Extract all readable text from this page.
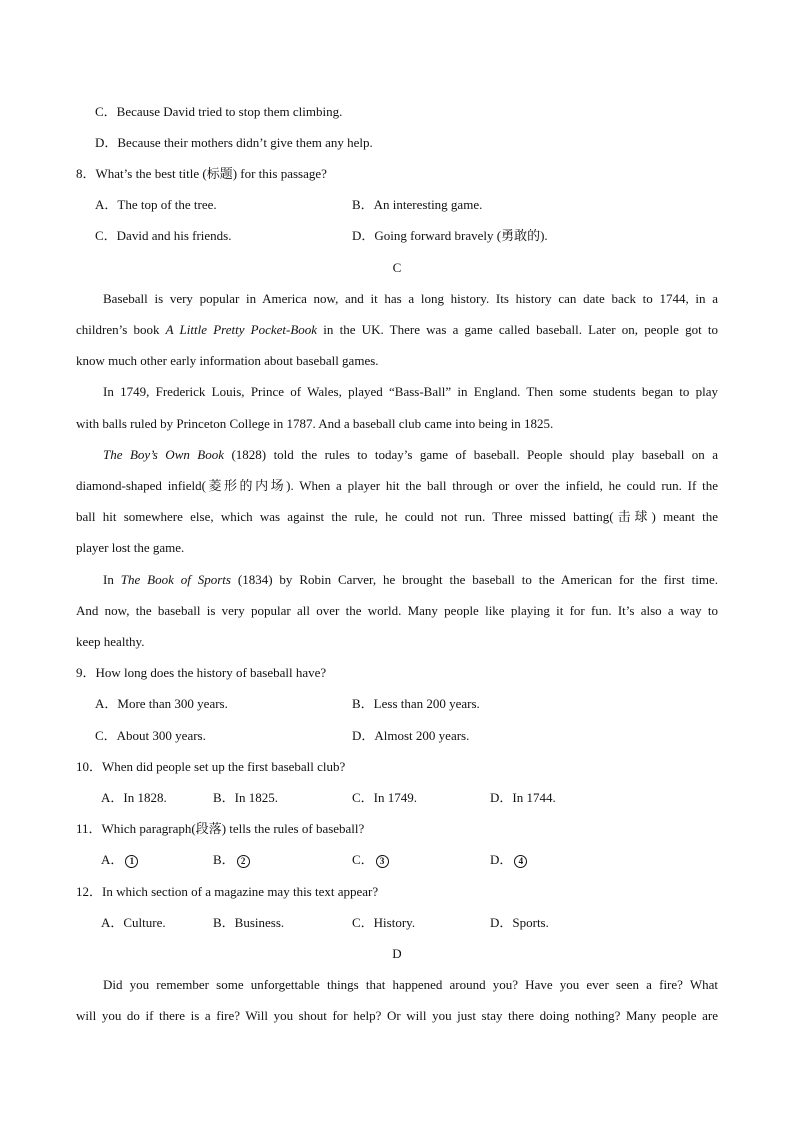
C．Because David tried to stop them climbing.
D．Because their mothers didn’t give them any help.
8．What’s the best title (标题) for this passage?
A．The top of the tree.	B．An interesting game.
C．David and his friends.	D．Going forward bravely (勇敢的).
C
Baseball is very popular in America now, and it has a long history. Its history can date back to 1744, in a
children’s book A Little Pretty Pocket-Book in the UK. There was a game called baseball. Later on, people got to
know much other early information about baseball games.
In 1749, Frederick Louis, Prince of Wales, played “Bass-Ball” in England. Then some students began to play
with balls ruled by Princeton College in 1787. And a baseball club came into being in 1825.
The Boy’s Own Book (1828) told the rules to today’s game of baseball. People should play baseball on a
diamond-shaped infield(菱形的内场). When a player hit the ball through or over the infield, he could run. If the
ball hit somewhere else, which was against the rule, he could not run. Three missed batting(击球) meant the
player lost the game.
In The Book of Sports (1834) by Robin Carver, he brought the baseball to the American for the first time.
And now, the baseball is very popular all over the world. Many people like playing it for fun. It’s also a way to
keep healthy.
9．How long does the history of baseball have?
A．More than 300 years.	B．Less than 200 years.
C．About 300 years.	D．Almost 200 years.
10．When did people set up the first baseball club?
A．In 1828.	B．In 1825.	C．In 1749.	D．In 1744.
11．Which paragraph(段落) tells the rules of baseball?
A． 1	B． 2	C． 3	D． 4
12．In which section of a magazine may this text appear?
A．Culture.	B．Business.	C．History.	D．Sports.
D
Did you remember some unforgettable things that happened around you? Have you ever seen a fire? What
will you do if there is a fire? Will you shout for help? Or will you just stay there doing nothing? Many people are
